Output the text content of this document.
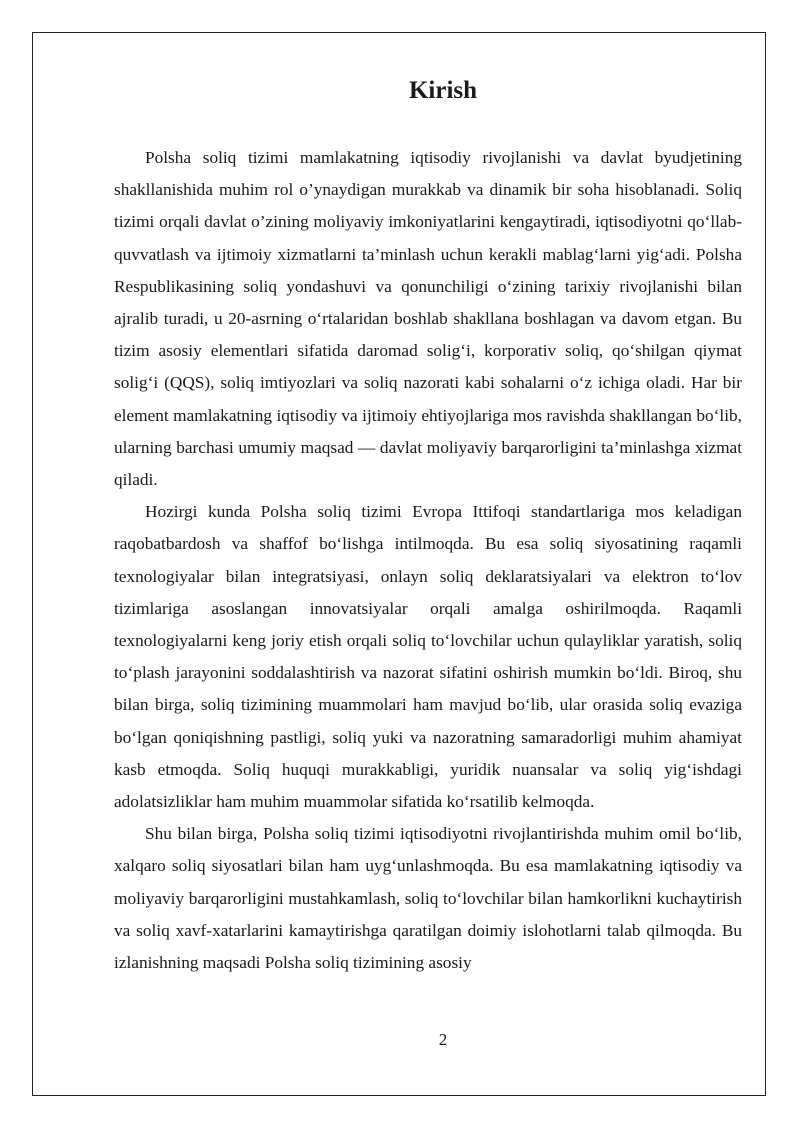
Kirish

Polsha soliq tizimi mamlakatning iqtisodiy rivojlanishi va davlat byudjetining shakllanishida muhim rol o’ynaydigan murakkab va dinamik bir soha hisoblanadi. Soliq tizimi orqali davlat o’zining moliyaviy imkoniyatlarini kengaytiradi, iqtisodiyotni qo‘llab-quvvatlash va ijtimoiy xizmatlarni ta’minlash uchun kerakli mablag‘larni yig‘adi. Polsha Respublikasining soliq yondashuvi va qonunchiligi o‘zining tarixiy rivojlanishi bilan ajralib turadi, u 20-asrning o‘rtalaridan boshlab shakllana boshlagan va davom etgan. Bu tizim asosiy elementlari sifatida daromad solig‘i, korporativ soliq, qo‘shilgan qiymat solig‘i (QQS), soliq imtiyozlari va soliq nazorati kabi sohalarni o‘z ichiga oladi. Har bir element mamlakatning iqtisodiy va ijtimoiy ehtiyojlariga mos ravishda shakllangan bo‘lib, ularning barchasi umumiy maqsad — davlat moliyaviy barqarorligini ta’minlashga xizmat qiladi.

Hozirgi kunda Polsha soliq tizimi Evropa Ittifoqi standartlariga mos keladigan raqobatbardosh va shaffof bo‘lishga intilmoqda. Bu esa soliq siyosatining raqamli texnologiyalar bilan integratsiyasi, onlayn soliq deklaratsiyalari va elektron to‘lov tizimlariga asoslangan innovatsiyalar orqali amalga oshirilmoqda. Raqamli texnologiyalarni keng joriy etish orqali soliq to‘lovchilar uchun qulayliklar yaratish, soliq to‘plash jarayonini soddalashtirish va nazorat sifatini oshirish mumkin bo‘ldi. Biroq, shu bilan birga, soliq tizimining muammolari ham mavjud bo‘lib, ular orasida soliq evaziga bo‘lgan qoniqishning pastligi, soliq yuki va nazoratning samaradorligi muhim ahamiyat kasb etmoqda. Soliq huquqi murakkabligi, yuridik nuansalar va soliq yig‘ishdagi adolatsizliklar ham muhim muammolar sifatida ko‘rsatilib kelmoqda.

Shu bilan birga, Polsha soliq tizimi iqtisodiyotni rivojlantirishda muhim omil bo‘lib, xalqaro soliq siyosatlari bilan ham uyg‘unlashmoqda. Bu esa mamlakatning iqtisodiy va moliyaviy barqarorligini mustahkamlash, soliq to‘lovchilar bilan hamkorlikni kuchaytirish va soliq xavf-xatarlarini kamaytirishga qaratilgan doimiy islohotlarni talab qilmoqda. Bu izlanishning maqsadi Polsha soliq tizimining asosiy

2
